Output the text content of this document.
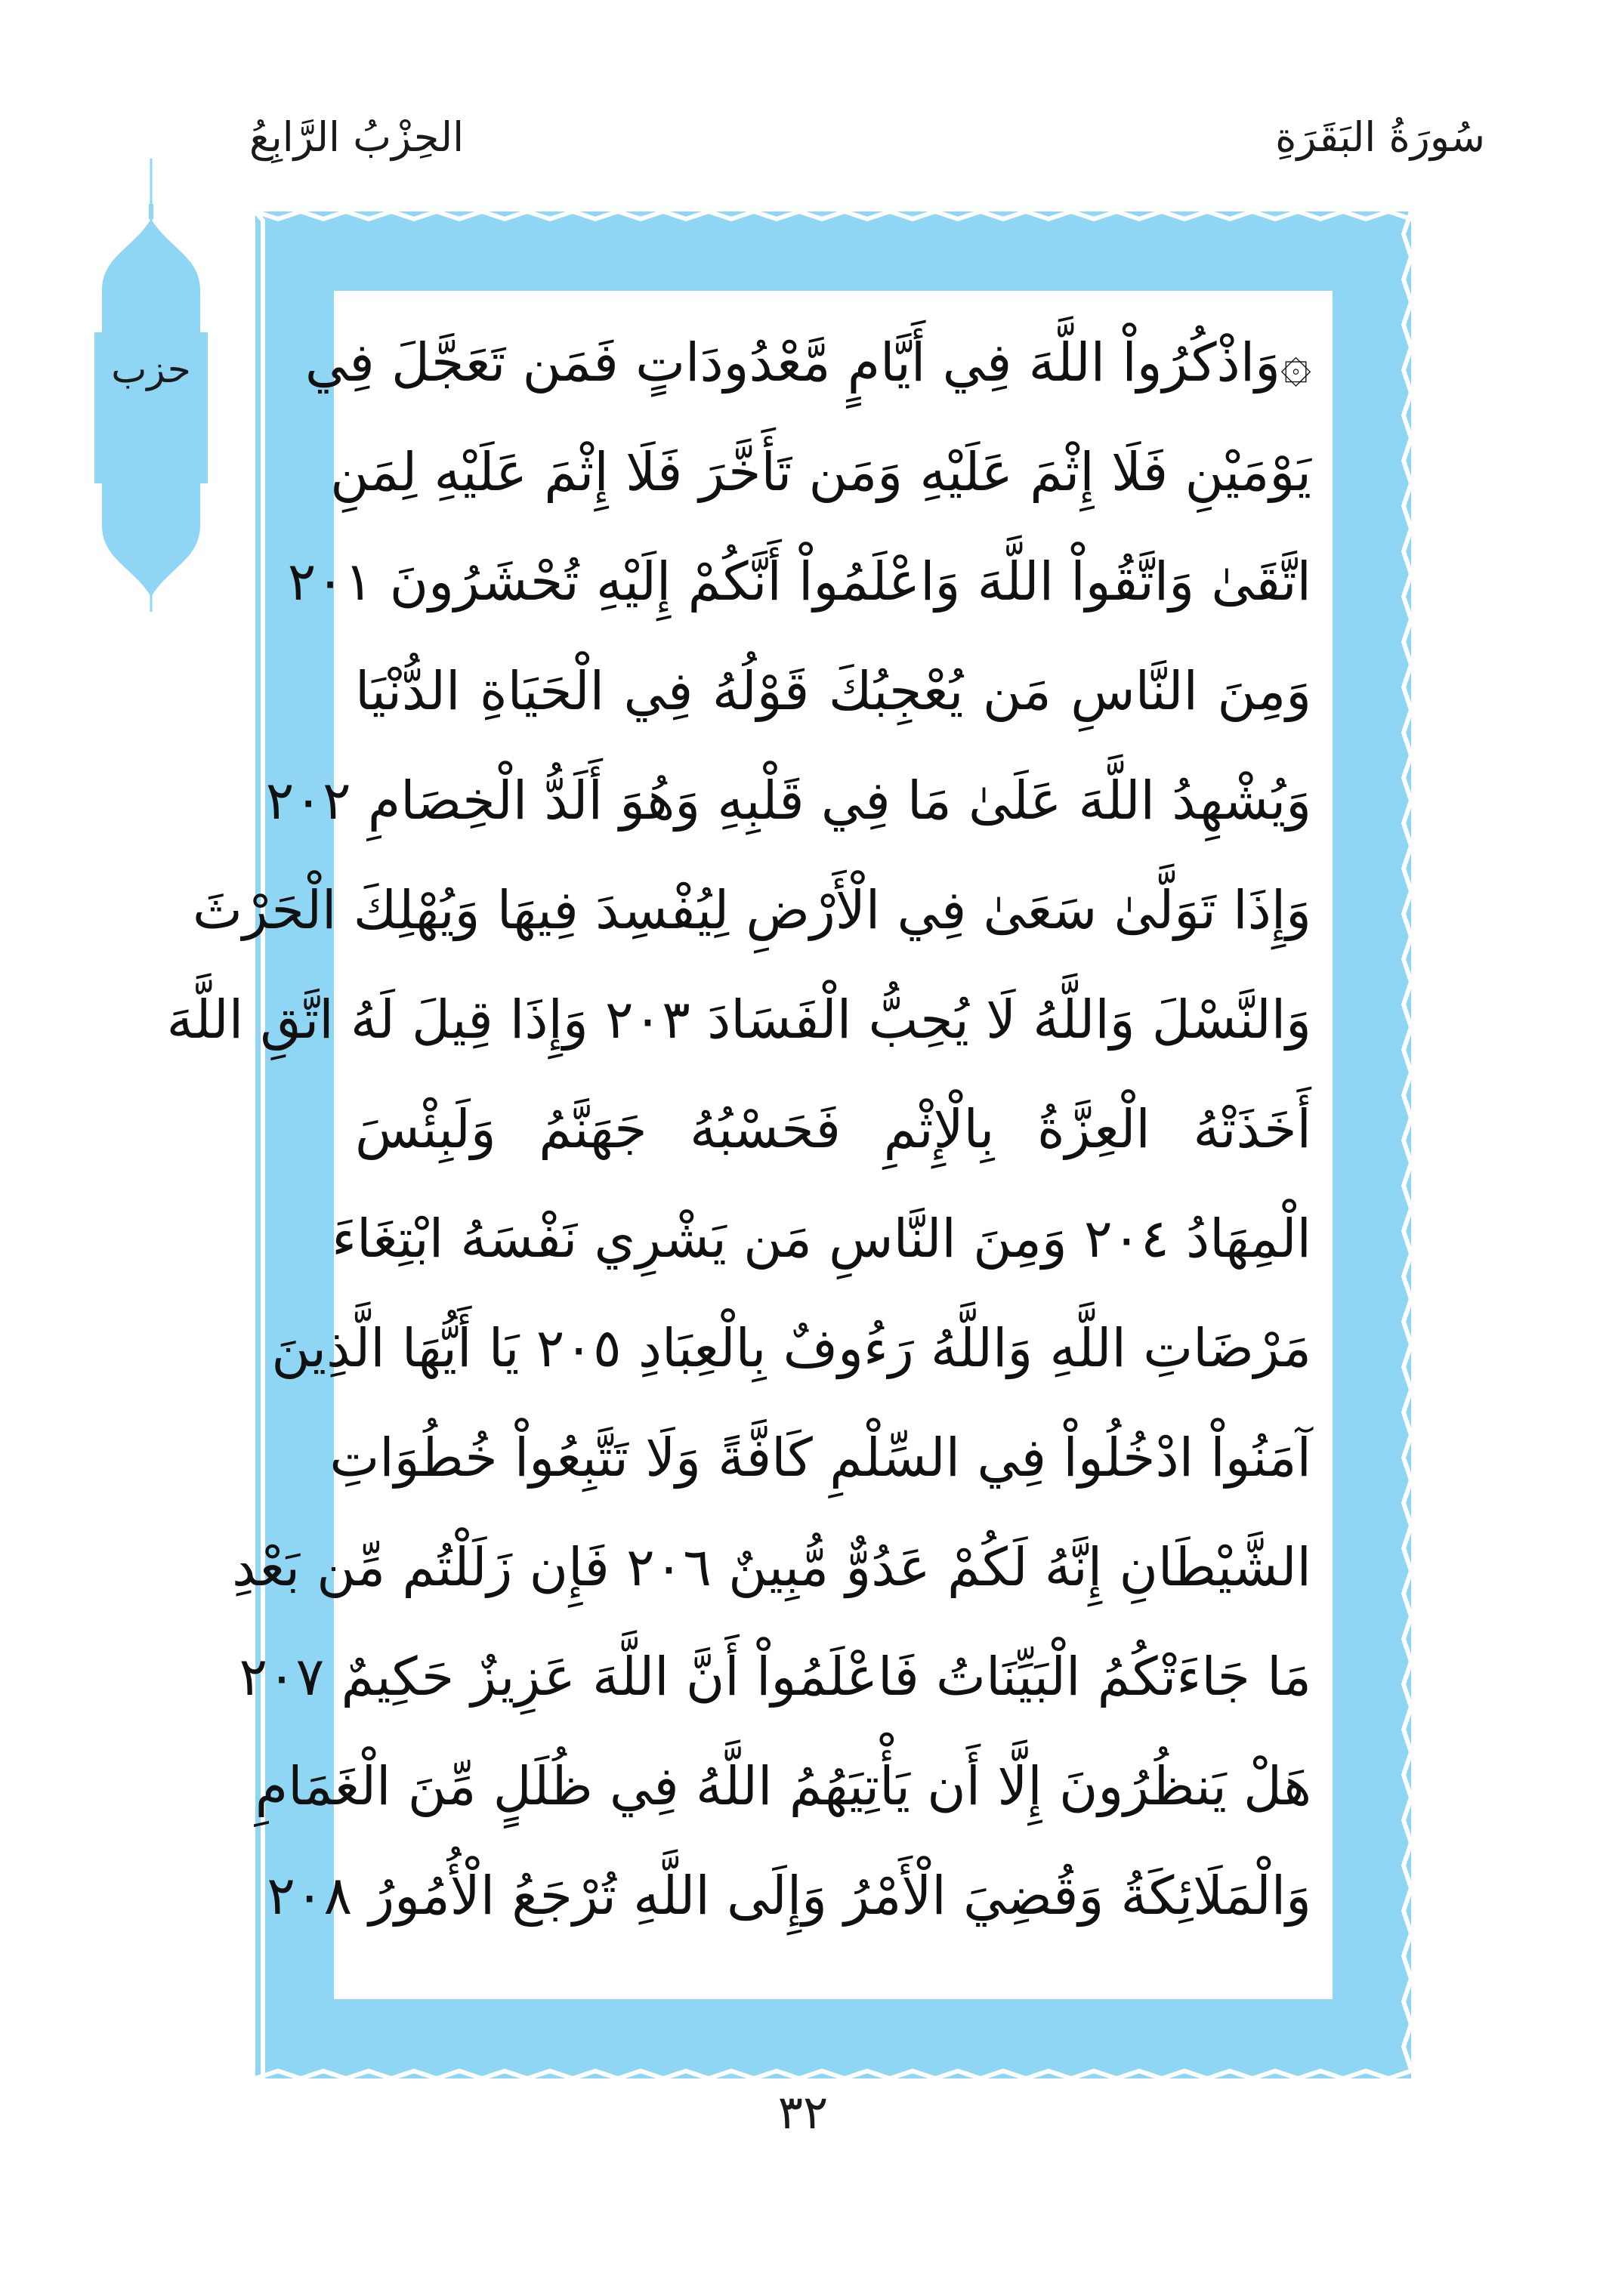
سُورَةُ البَقَرَةِ
الحِزْبُ الرَّابِعُ
حزب	۞وَاذْكُرُواْ اللَّهَ فِي أَيَّامٍ مَّعْدُودَاتٍ فَمَن تَعَجَّلَ فِي
يَوْمَيْنِ فَلَا إِثْمَ عَلَيْهِ وَمَن تَأَخَّرَ فَلَا إِثْمَ عَلَيْهِ لِمَنِ
اتَّقَىٰ وَاتَّقُواْ اللَّهَ وَاعْلَمُواْ أَنَّكُمْ إِلَيْهِ تُحْشَرُونَ ٢٠١
وَمِنَ النَّاسِ مَن يُعْجِبُكَ قَوْلُهُ فِي الْحَيَاةِ الدُّنْيَا
وَيُشْهِدُ اللَّهَ عَلَىٰ مَا فِي قَلْبِهِ وَهُوَ أَلَدُّ الْخِصَامِ ٢٠٢
وَإِذَا تَوَلَّىٰ سَعَىٰ فِي الْأَرْضِ لِيُفْسِدَ فِيهَا وَيُهْلِكَ الْحَرْثَ
وَالنَّسْلَ وَاللَّهُ لَا يُحِبُّ الْفَسَادَ ٢٠٣ وَإِذَا قِيلَ لَهُ اتَّقِ اللَّهَ
أَخَذَتْهُ الْعِزَّةُ بِالْإِثْمِ فَحَسْبُهُ جَهَنَّمُ وَلَبِئْسَ
الْمِهَادُ ٢٠٤ وَمِنَ النَّاسِ مَن يَشْرِي نَفْسَهُ ابْتِغَاءَ
مَرْضَاتِ اللَّهِ وَاللَّهُ رَءُوفٌ بِالْعِبَادِ ٢٠٥ يَا أَيُّهَا الَّذِينَ
آمَنُواْ ادْخُلُواْ فِي السِّلْمِ كَافَّةً وَلَا تَتَّبِعُواْ خُطُوَاتِ
الشَّيْطَانِ إِنَّهُ لَكُمْ عَدُوٌّ مُّبِينٌ ٢٠٦ فَإِن زَلَلْتُم مِّن بَعْدِ
مَا جَاءَتْكُمُ الْبَيِّنَاتُ فَاعْلَمُواْ أَنَّ اللَّهَ عَزِيزٌ حَكِيمٌ ٢٠٧
هَلْ يَنظُرُونَ إِلَّا أَن يَأْتِيَهُمُ اللَّهُ فِي ظُلَلٍ مِّنَ الْغَمَامِ
وَالْمَلَائِكَةُ وَقُضِيَ الْأَمْرُ وَإِلَى اللَّهِ تُرْجَعُ الْأُمُورُ ٢٠٨
٣٢
